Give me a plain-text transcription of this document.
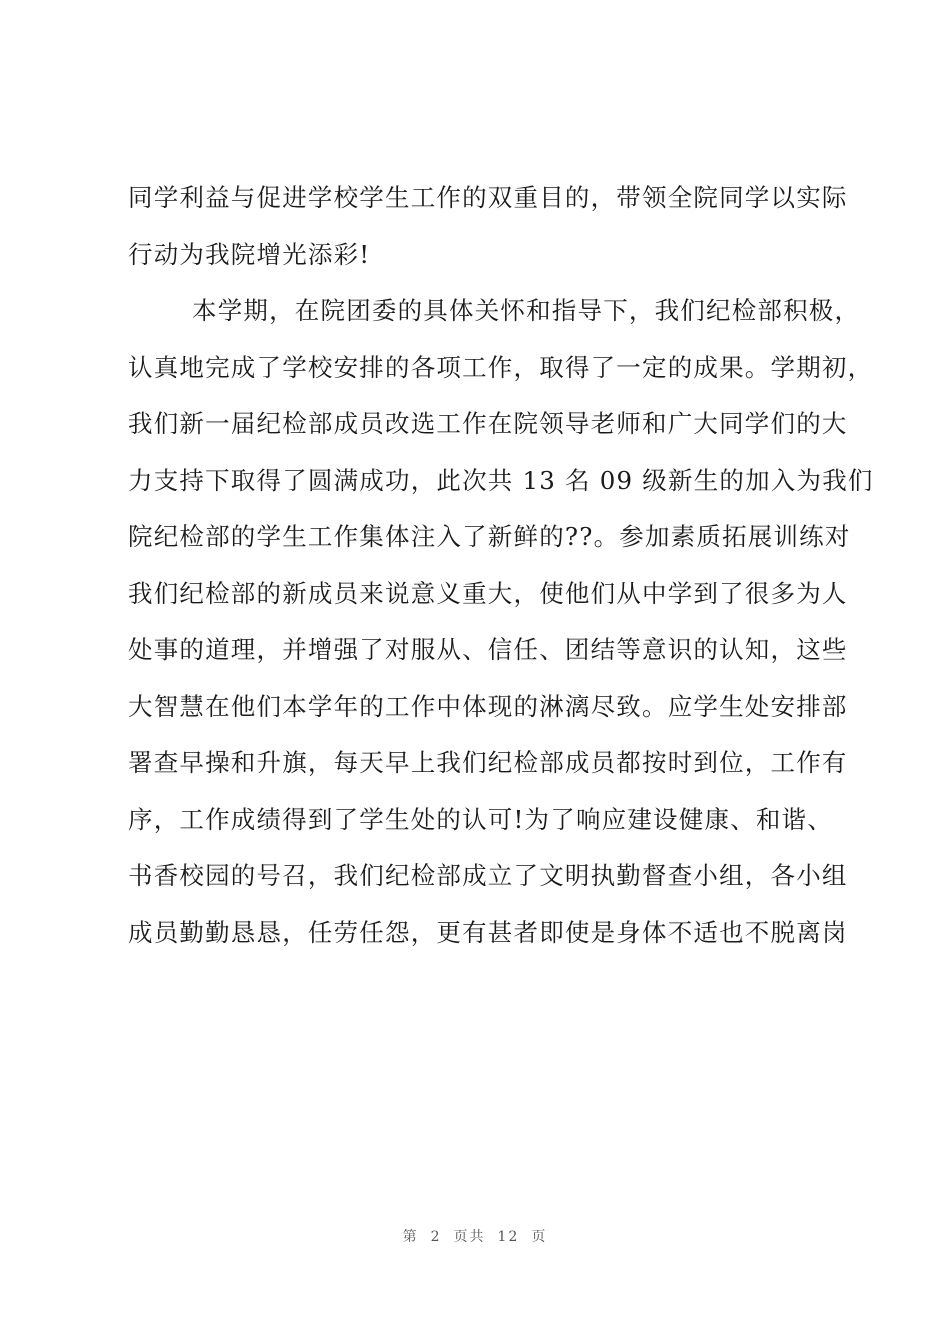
同学利益与促进学校学生工作的双重目的，带领全院同学以实际
行动为我院增光添彩!
本学期，在院团委的具体关怀和指导下，我们纪检部积极，
认真地完成了学校安排的各项工作，取得了一定的成果。学期初，
我们新一届纪检部成员改选工作在院领导老师和广大同学们的大
力支持下取得了圆满成功，此次共 13 名 09 级新生的加入为我们
院纪检部的学生工作集体注入了新鲜的??。参加素质拓展训练对
我们纪检部的新成员来说意义重大，使他们从中学到了很多为人
处事的道理，并增强了对服从、信任、团结等意识的认知，这些
大智慧在他们本学年的工作中体现的淋漓尽致。应学生处安排部
署查早操和升旗，每天早上我们纪检部成员都按时到位，工作有
序，工作成绩得到了学生处的认可!为了响应建设健康、和谐、
书香校园的号召，我们纪检部成立了文明执勤督查小组，各小组
成员勤勤恳恳，任劳任怨，更有甚者即使是身体不适也不脱离岗
第 2 页共 12 页
